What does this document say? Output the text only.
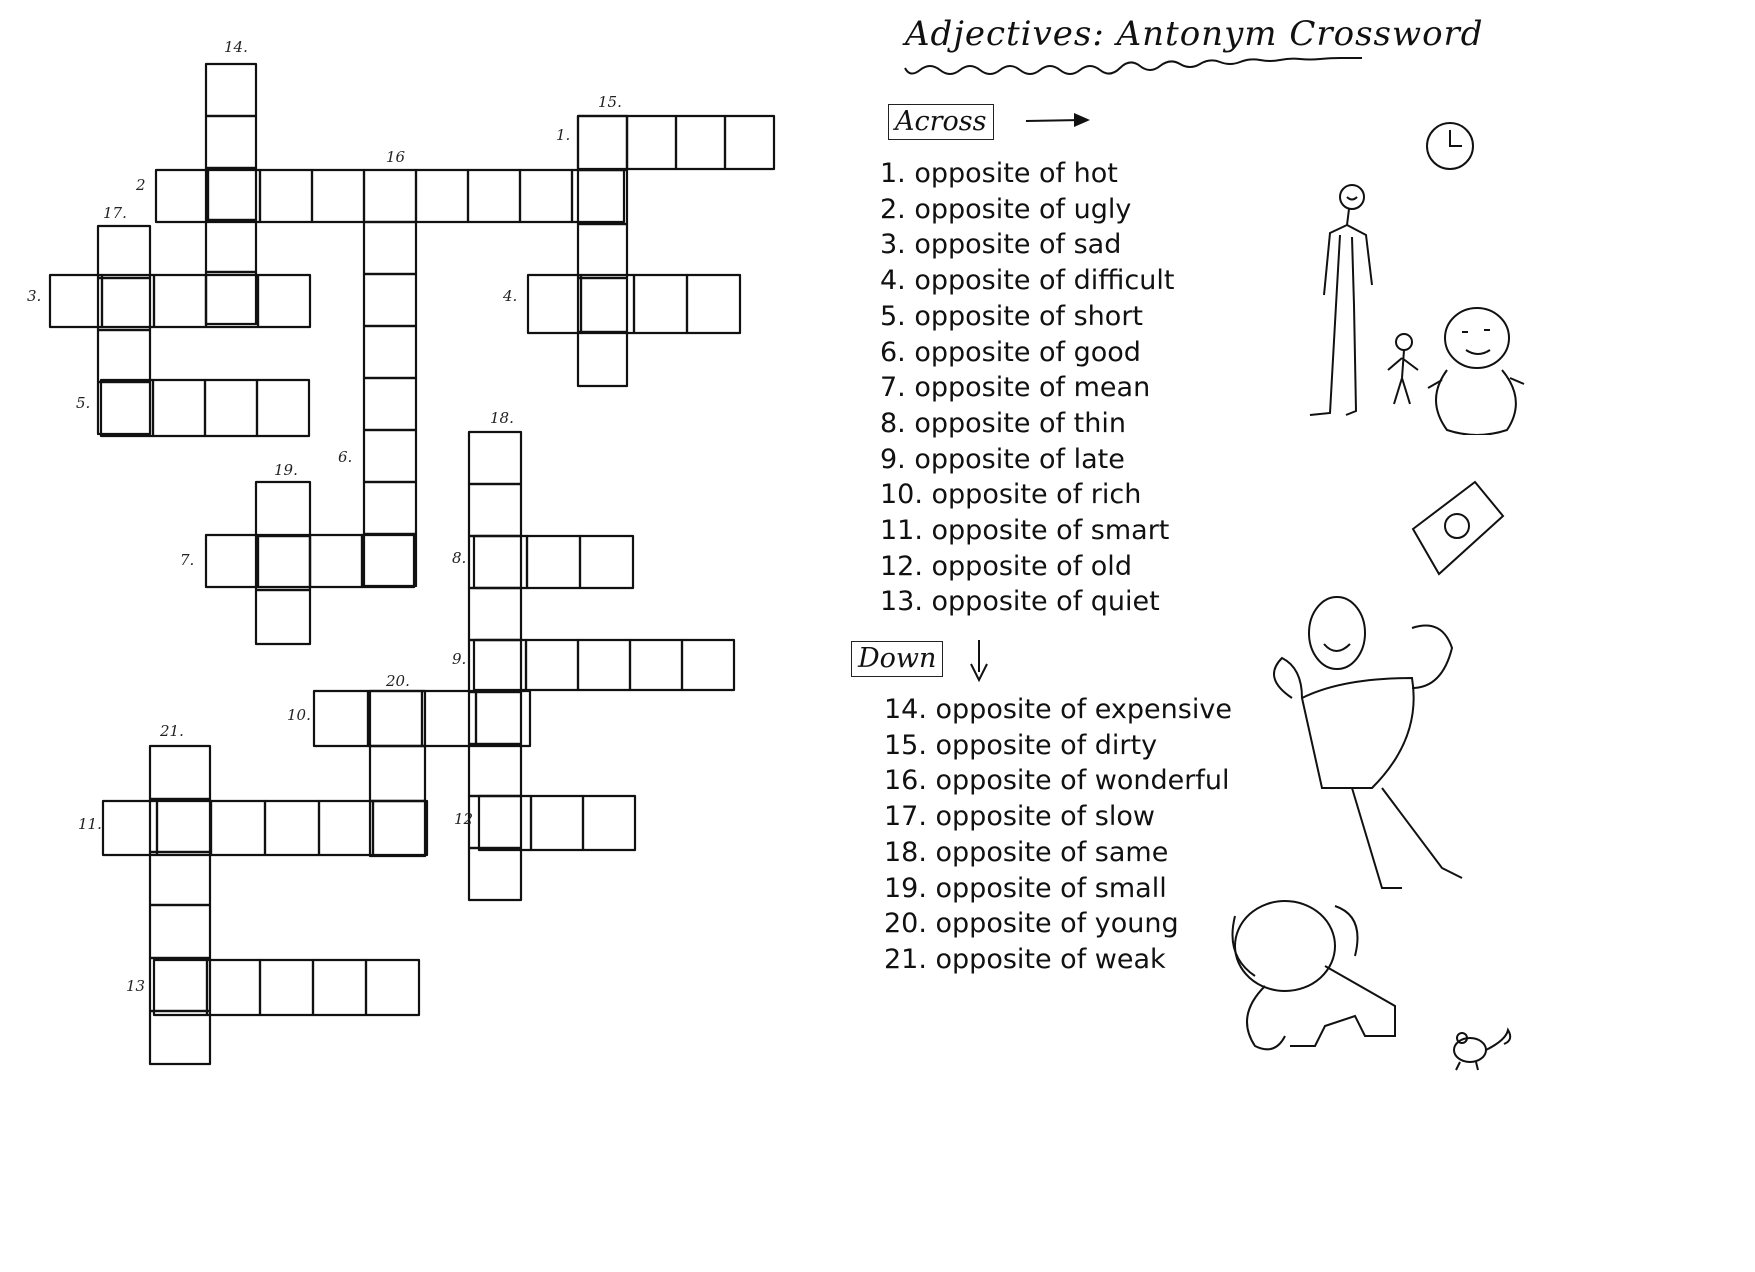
1.
2
3.	4.
5.
6.
7.	8.
9.
10.
11.	12
13
14.
15.
16
17.
18.
19.
20.
21.
Adjectives: Antonym Crossword
Across
1. opposite of hot
2. opposite of ugly
3. opposite of sad
4. opposite of difficult
5. opposite of short
6. opposite of good
7. opposite of mean
8. opposite of thin
9. opposite of late
10. opposite of rich
11. opposite of smart
12. opposite of old
13. opposite of quiet
Down
14. opposite of expensive
15. opposite of dirty
16. opposite of wonderful
17. opposite of slow
18. opposite of same
19. opposite of small
20. opposite of young
21. opposite of weak
